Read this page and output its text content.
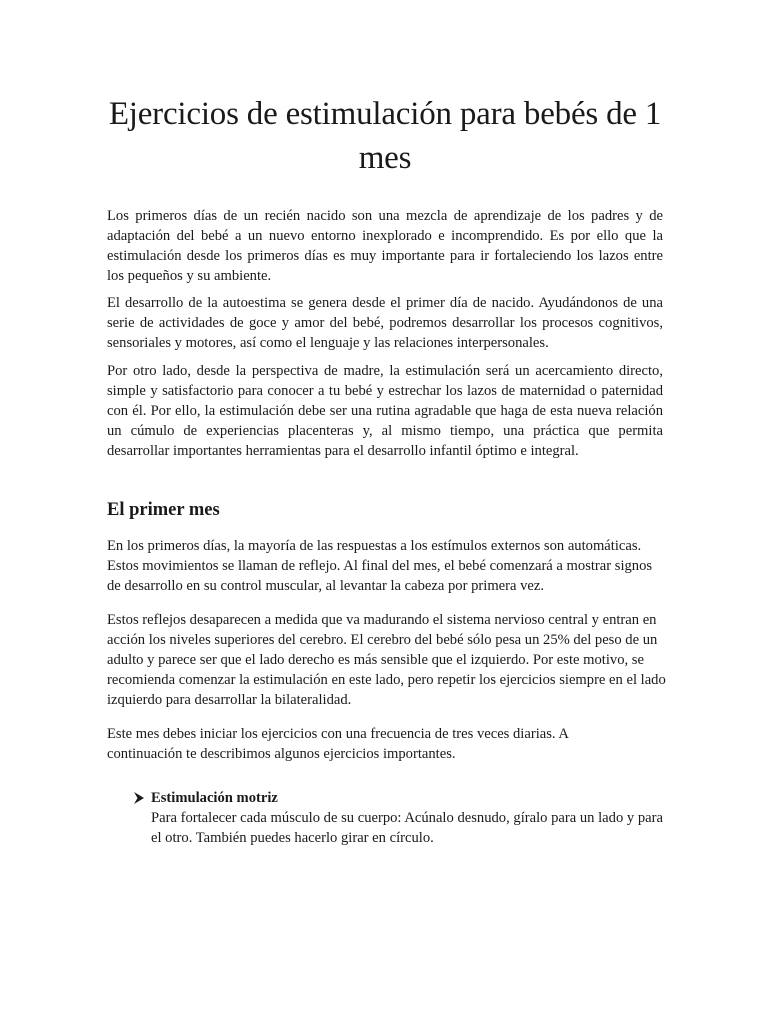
Ejercicios de estimulación para bebés de 1 mes

Los primeros días de un recién nacido son una mezcla de aprendizaje de los padres y de adaptación del bebé a un nuevo entorno inexplorado e incomprendido. Es por ello que la estimulación desde los primeros días es muy importante para ir fortaleciendo los lazos entre los pequeños y su ambiente.

El desarrollo de la autoestima se genera desde el primer día de nacido. Ayudándonos de una serie de actividades de goce y amor del bebé, podremos desarrollar los procesos cognitivos, sensoriales y motores, así como el lenguaje y las relaciones interpersonales.

Por otro lado, desde la perspectiva de madre, la estimulación será un acercamiento directo, simple y satisfactorio para conocer a tu bebé y estrechar los lazos de maternidad o paternidad con él. Por ello, la estimulación debe ser una rutina agradable que haga de esta nueva relación un cúmulo de experiencias placenteras y, al mismo tiempo, una práctica que permita desarrollar importantes herramientas para el desarrollo infantil óptimo e integral.

El primer mes

En los primeros días, la mayoría de las respuestas a los estímulos externos son automáticas. Estos movimientos se llaman de reflejo. Al final del mes, el bebé comenzará a mostrar signos de desarrollo en su control muscular, al levantar la cabeza por primera vez.

Estos reflejos desaparecen a medida que va madurando el sistema nervioso central y entran en acción los niveles superiores del cerebro. El cerebro del bebé sólo pesa un 25% del peso de un adulto y parece ser que el lado derecho es más sensible que el izquierdo. Por este motivo, se recomienda comenzar la estimulación en este lado, pero repetir los ejercicios siempre en el lado izquierdo para desarrollar la bilateralidad.

Este mes debes iniciar los ejercicios con una frecuencia de tres veces diarias. A continuación te describimos algunos ejercicios importantes.

Estimulación motriz
Para fortalecer cada músculo de su cuerpo: Acúnalo desnudo, gíralo para un lado y para el otro. También puedes hacerlo girar en círculo.
